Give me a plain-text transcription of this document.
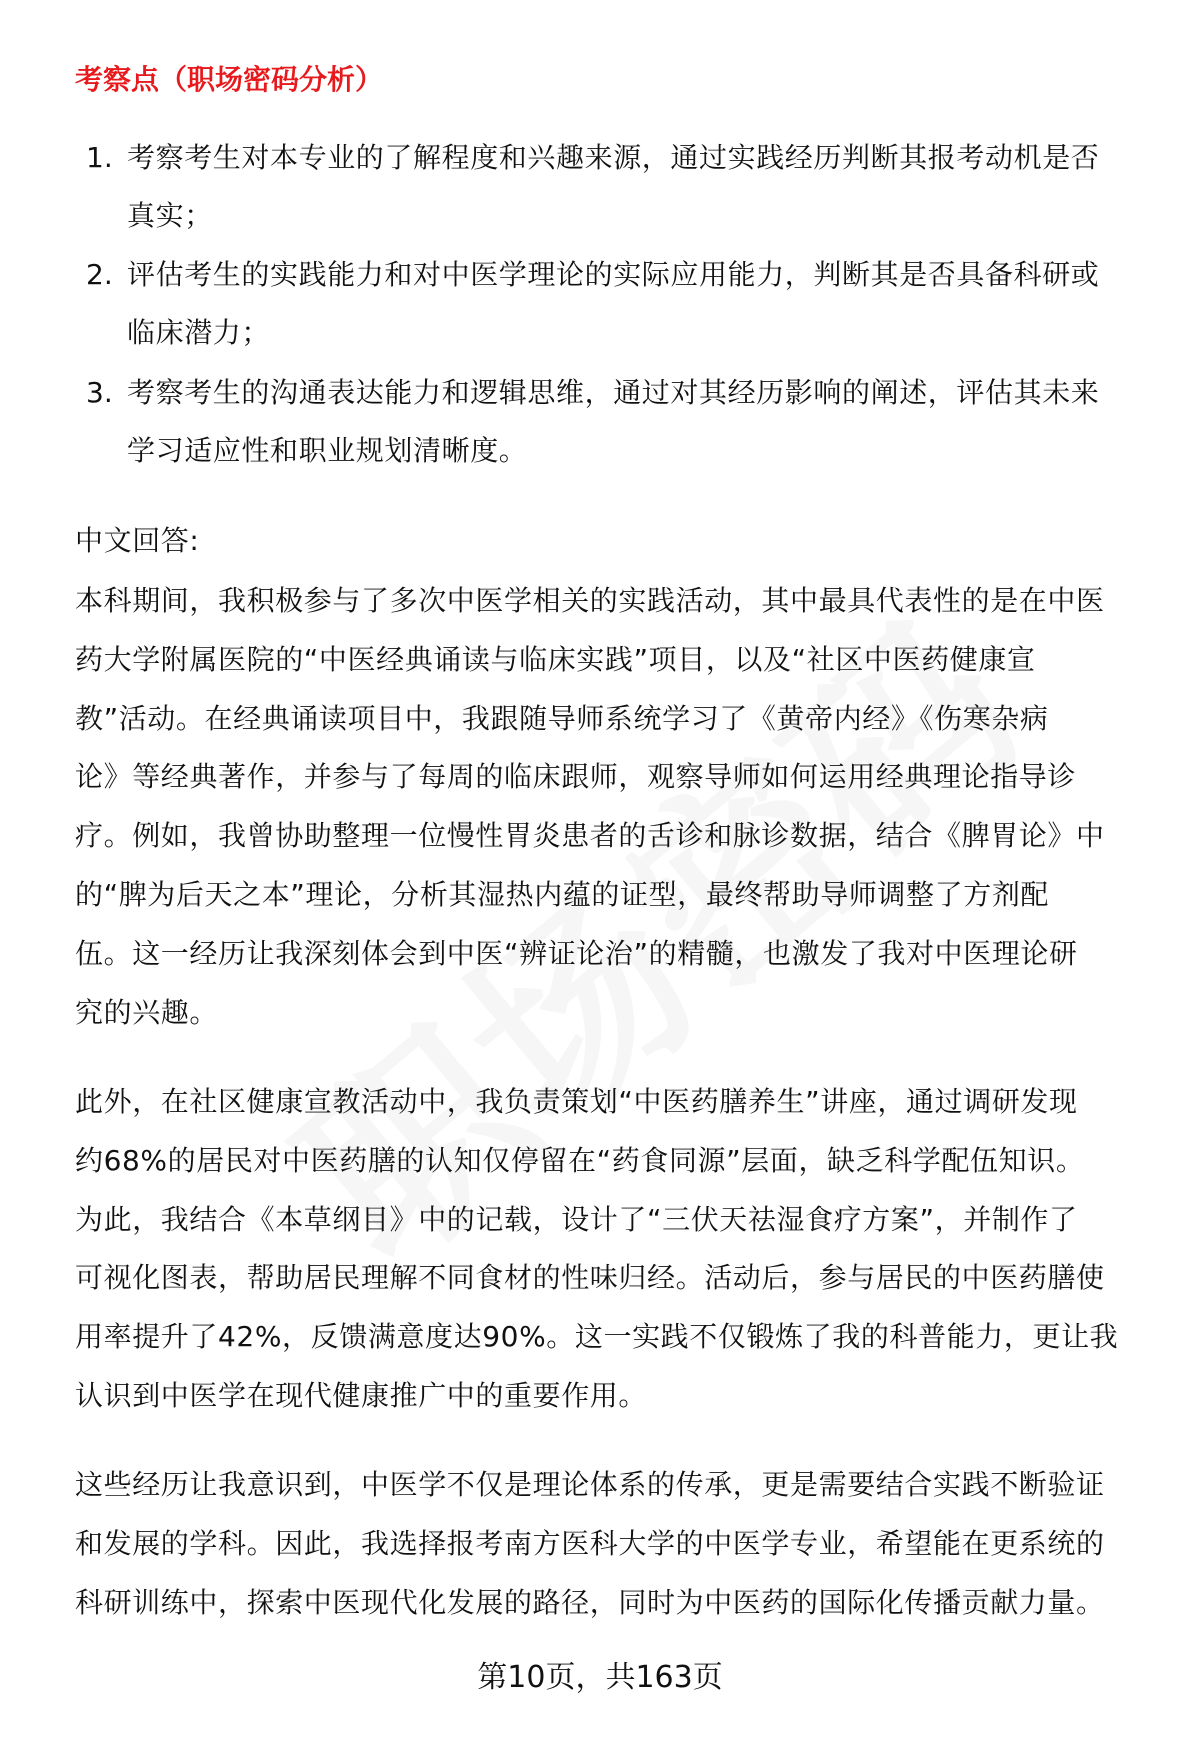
考察点（职场密码分析）
1. 考察考生对本专业的了解程度和兴趣来源，通过实践经历判断其报考动机是否
真实；
2. 评估考生的实践能力和对中医学理论的实际应用能力，判断其是否具备科研或
临床潜力；
3. 考察考生的沟通表达能力和逻辑思维，通过对其经历影响的阐述，评估其未来
学习适应性和职业规划清晰度。
中文回答:
本科期间，我积极参与了多次中医学相关的实践活动，其中最具代表性的是在中医
药大学附属医院的“中医经典诵读与临床实践”项目，以及“社区中医药健康宣
教”活动。在经典诵读项目中，我跟随导师系统学习了《黄帝内经》《伤寒杂病
论》等经典著作，并参与了每周的临床跟师，观察导师如何运用经典理论指导诊
疗。例如，我曾协助整理一位慢性胃炎患者的舌诊和脉诊数据，结合《脾胃论》中
的“脾为后天之本”理论，分析其湿热内蕴的证型，最终帮助导师调整了方剂配
伍。这一经历让我深刻体会到中医“辨证论治”的精髓，也激发了我对中医理论研
究的兴趣。
此外，在社区健康宣教活动中，我负责策划“中医药膳养生”讲座，通过调研发现
约68%的居民对中医药膳的认知仅停留在“药食同源”层面，缺乏科学配伍知识。
为此，我结合《本草纲目》中的记载，设计了“三伏天祛湿食疗方案”，并制作了
可视化图表，帮助居民理解不同食材的性味归经。活动后，参与居民的中医药膳使
用率提升了42%，反馈满意度达90%。这一实践不仅锻炼了我的科普能力，更让我
认识到中医学在现代健康推广中的重要作用。
这些经历让我意识到，中医学不仅是理论体系的传承，更是需要结合实践不断验证
和发展的学科。因此，我选择报考南方医科大学的中医学专业，希望能在更系统的
科研训练中，探索中医现代化发展的路径，同时为中医药的国际化传播贡献力量。
第10页，共163页
